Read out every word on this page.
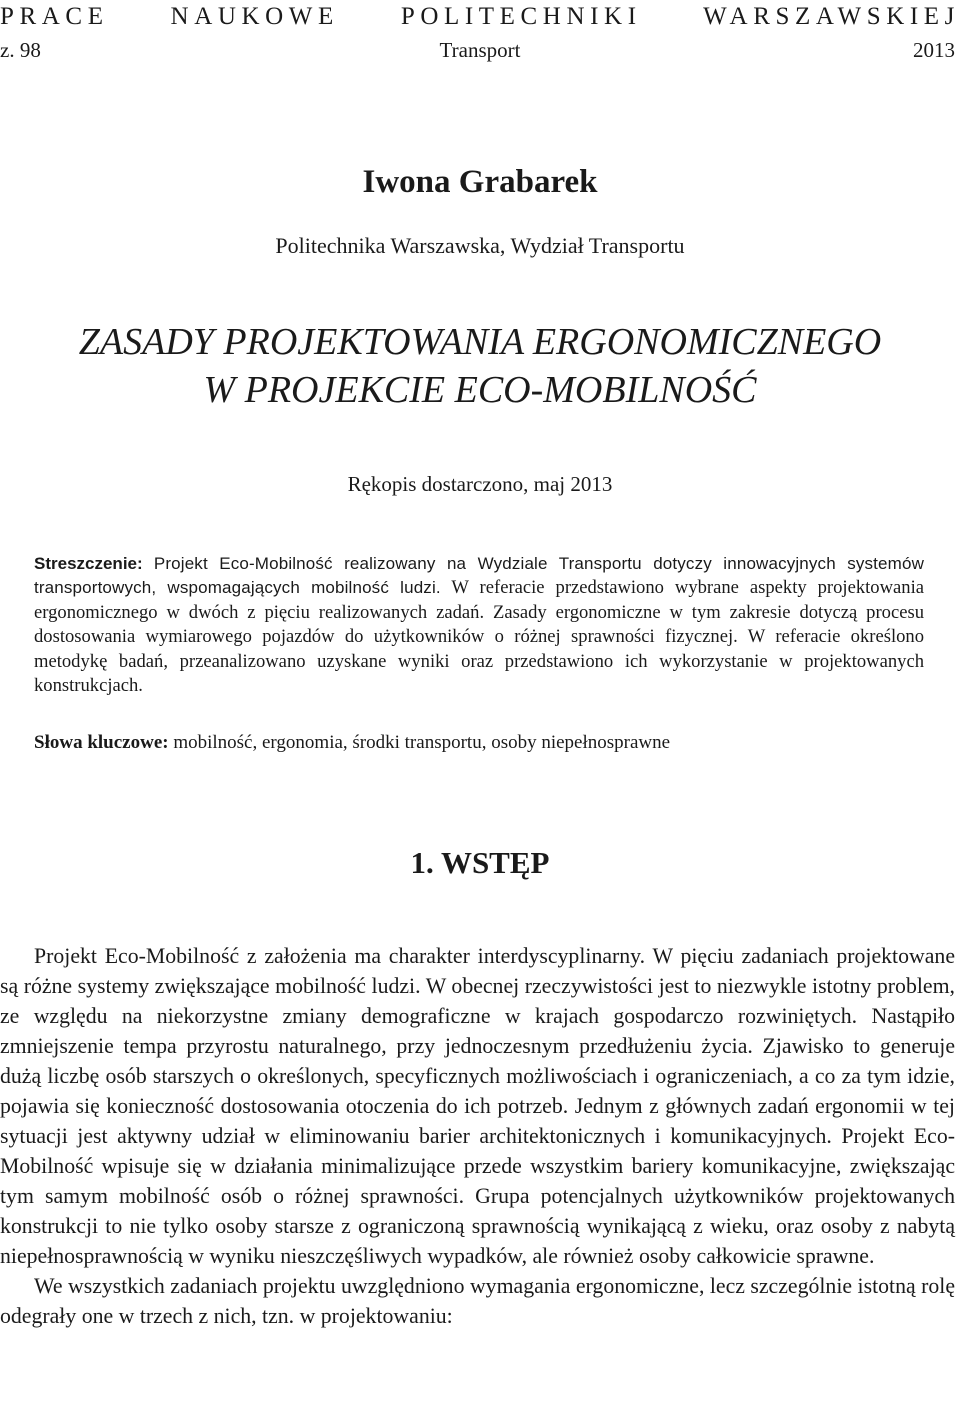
PRACE NAUKOWE POLITECHNIKI WARSZAWSKIEJ
z. 98	Transport	2013
Iwona Grabarek
Politechnika Warszawska, Wydział Transportu
ZASADY PROJEKTOWANIA ERGONOMICZNEGO
W PROJEKCIE ECO-MOBILNOŚĆ
Rękopis dostarczono, maj 2013
Streszczenie: Projekt Eco-Mobilność realizowany na Wydziale Transportu dotyczy innowacyjnych systemów transportowych, wspomagających mobilność ludzi. W referacie przedstawiono wybrane aspekty projektowania ergonomicznego w dwóch z pięciu realizowanych zadań. Zasady ergonomiczne w tym zakresie dotyczą procesu dostosowania wymiarowego pojazdów do użytkowników o różnej sprawności fizycznej. W referacie określono metodykę badań, przeanalizowano uzyskane wyniki oraz przedstawiono ich wykorzystanie w projektowanych konstrukcjach.
Słowa kluczowe: mobilność, ergonomia, środki transportu, osoby niepełnosprawne
1. WSTĘP

Projekt Eco-Mobilność z założenia ma charakter interdyscyplinarny. W pięciu zadaniach projektowane są różne systemy zwiększające mobilność ludzi. W obecnej rzeczywistości jest to niezwykle istotny problem, ze względu na niekorzystne zmiany demograficzne w krajach gospodarczo rozwiniętych. Nastąpiło zmniejszenie tempa przyrostu naturalnego, przy jednoczesnym przedłużeniu życia. Zjawisko to generuje dużą liczbę osób starszych o określonych, specyficznych możliwościach i ograniczeniach, a co za tym idzie, pojawia się konieczność dostosowania otoczenia do ich potrzeb. Jednym z głównych zadań ergonomii w tej sytuacji jest aktywny udział w eliminowaniu barier architektonicznych i komunikacyjnych. Projekt Eco-Mobilność wpisuje się w działania minimalizujące przede wszystkim bariery komunikacyjne, zwiększając tym samym mobilność osób o różnej sprawności. Grupa potencjalnych użytkowników projektowanych konstrukcji to nie tylko osoby starsze z ograniczoną sprawnością wynikającą z wieku, oraz osoby z nabytą niepełnosprawnością w wyniku nieszczęśliwych wypadków, ale również osoby całkowicie sprawne.

We wszystkich zadaniach projektu uwzględniono wymagania ergonomiczne, lecz szczególnie istotną rolę odegrały one w trzech z nich, tzn. w projektowaniu:
